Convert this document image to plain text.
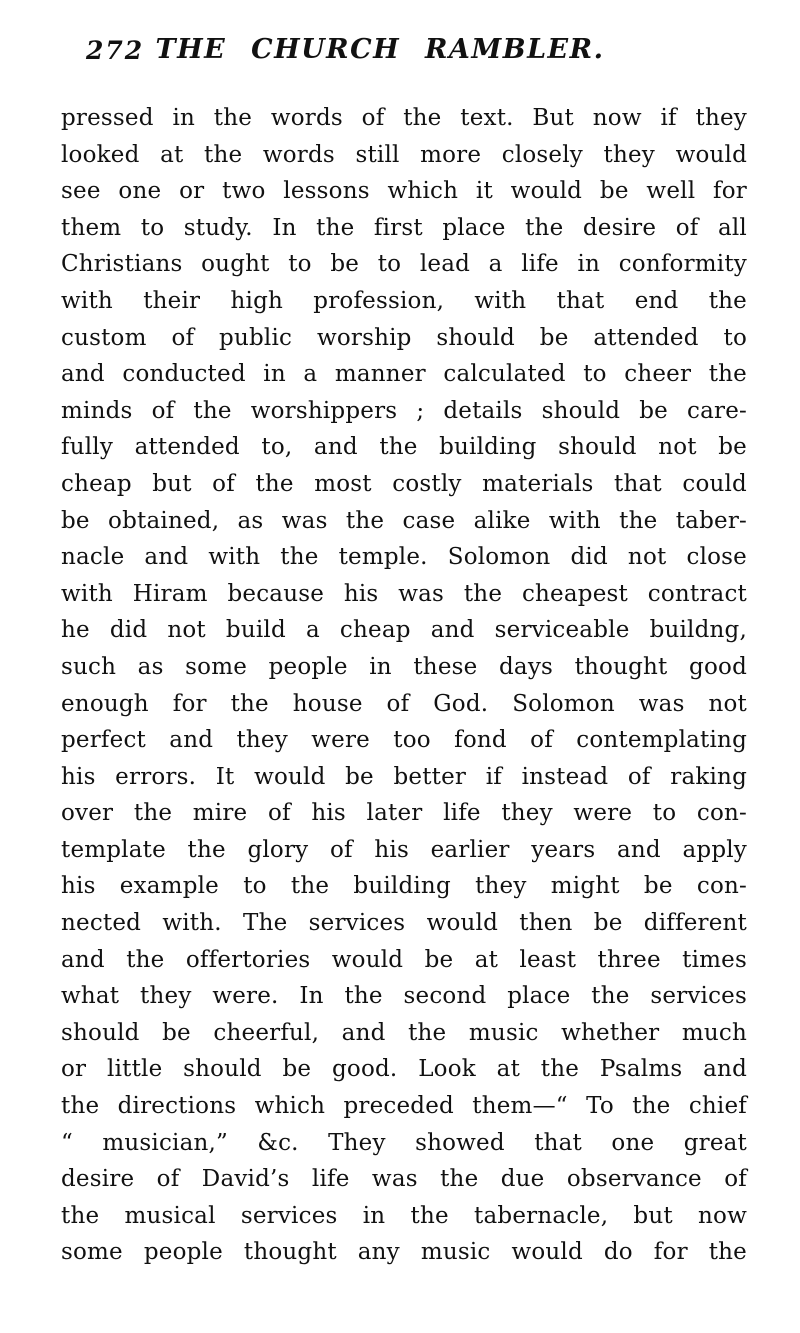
272 THE CHURCH RAMBLER.
pressed in the words of the text. But now if they
looked at the words still more closely they would
see one or two lessons which it would be well for
them to study. In the first place the desire of all
Christians ought to be to lead a life in conformity
with their high profession, with that end the
custom of public worship should be attended to
and conducted in a manner calculated to cheer the
minds of the worshippers ; details should be care-
fully attended to, and the building should not be
cheap but of the most costly materials that could
be obtained, as was the case alike with the taber-
nacle and with the temple. Solomon did not close
with Hiram because his was the cheapest contract
he did not build a cheap and serviceable buildng,
such as some people in these days thought good
enough for the house of God. Solomon was not
perfect and they were too fond of contemplating
his errors. It would be better if instead of raking
over the mire of his later life they were to con-
template the glory of his earlier years and apply
his example to the building they might be con-
nected with. The services would then be different
and the offertories would be at least three times
what they were. In the second place the services
should be cheerful, and the music whether much
or little should be good. Look at the Psalms and
the directions which preceded them—“ To the chief
“ musician,” &c. They showed that one great
desire of David’s life was the due observance of
the musical services in the tabernacle, but now
some people thought any music would do for the
